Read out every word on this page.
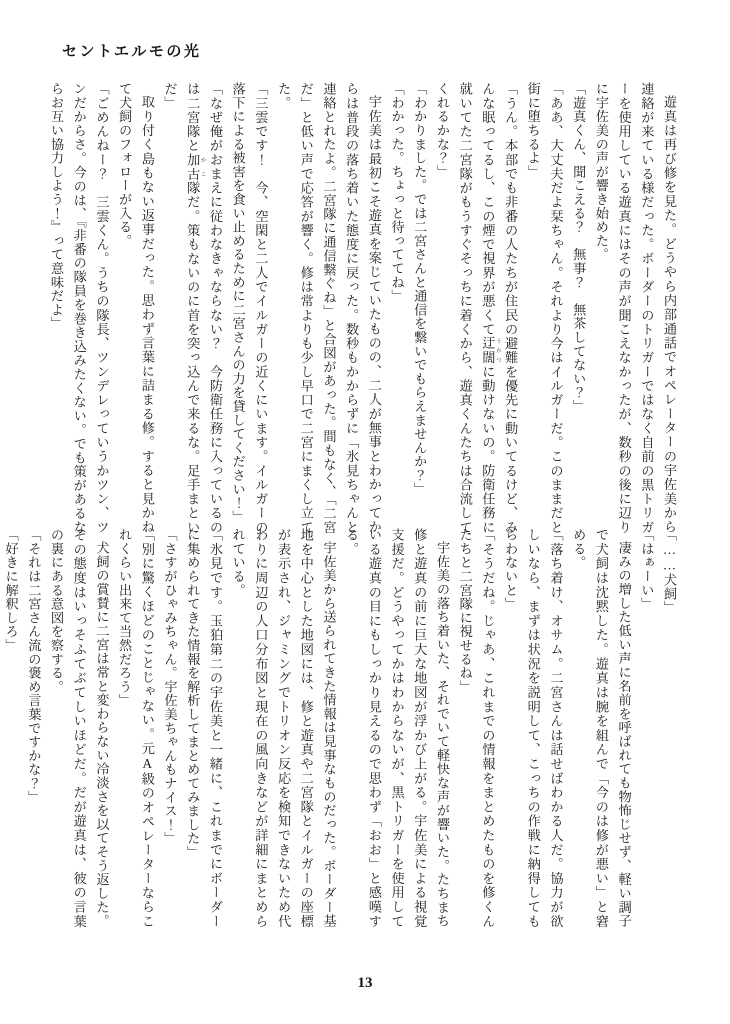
セントエルモの光

遊真は再び修を見た。どうやら内部通話でオペレーターの宇佐美から連絡が来ている様だった。ボーダーのトリガーではなく自前の黒トリガーを使用している遊真にはその声が聞こえなかったが、数秒の後に辺りに宇佐美の声が響き始めた。

「遊真くん、聞こえる？　無事？　無茶してない？」

「ああ、大丈夫だよ栞ちゃん。それより今はイルガーだ。このままだと街に堕ちるよ」

「うん。本部でも非番の人たちが住民の避難を優先に動いてるけど、みんな眠ってるし、この煙で視界が悪くて迂闊 うかつに動けないの。防衛任務に就いてた二宮隊がもうすぐそっちに着くから、遊真くんたちは合流してくれるかな？」

「わかりました。では二宮さんと通信を繋いでもらえませんか？」

「わかった。ちょっと待っててね」

宇佐美は最初こそ遊真を案じていたものの、二人が無事とわかってからは普段の落ち着いた態度に戻った。数秒もかからずに「氷見ちゃんと連絡とれたよ。二宮隊に通信繋ぐね」と合図があった。間もなく、「二宮だ」と低い声で応答が響く。修は常よりも少し早口で二宮にまくし立てた。

「三雲です！　今、空閑と二人でイルガーの近くにいます。イルガーの落下による被害を食い止めるために二宮さんの力を貸してください！」

「なぜ俺がおまえに従わなきゃならない？　今防衛任務に入っているのは二宮隊と加古 かこ隊だ。策もないのに首を突っ込んで来るな。足手まといだ」

取り付く島もない返事だった。思わず言葉に詰まる修。すると見かねて犬飼のフォローが入る。

「ごめんねー？　三雲くん。うちの隊長、ツンデレっていうかツン、ツンだからさ。今のは、『非番の隊員を巻き込みたくない。でも策があるならお互い協力しよう！』って意味だよ」

「……犬飼」

「はぁーい」

凄みの増した低い声に名前を呼ばれても物怖じせず、軽い調子で犬飼は沈黙した。遊真は腕を組んで「今のは修が悪い」と窘める。

「落ち着け、オサム。二宮さんは話せばわかる人だ。協力が欲しいなら、まずは状況を説明して、こっちの作戦に納得してもらわないと」

「そうだね。じゃあ、これまでの情報をまとめたものを修くんたちと二宮隊に視せるね」

宇佐美の落ち着いた、それでいて軽快な声が響いた。たちまち修と遊真の前に巨大な地図が浮かび上がる。宇佐美による視覚支援だ。どうやってかはわからないが、黒トリガーを使用している遊真の目にもしっかり見えるので思わず「おお」と感嘆する。

宇佐美から送られてきた情報は見事なものだった。ボーダー基地を中心とした地図には、修と遊真や二宮隊とイルガーの座標が表示され、ジャミングでトリオン反応を検知できないため代わりに周辺の人口分布図と現在の風向きなどが詳細にまとめられている。

「氷見です。玉狛第二の宇佐美と一緒に、これまでにボーダーに集められてきた情報を解析してまとめてみました」

「さすがひゃみちゃん。宇佐美ちゃんもナイス！」

「別に驚くほどのことじゃない。元A級のオペレーターならこれくらい出来て当然だろう」

犬飼の賞賛に二宮は常と変わらない冷淡さを以てそう返した。その態度はいっそふてぶてしいほどだ。だが遊真は、彼の言葉の裏にある意図を察する。

「それは二宮さん流の褒め言葉ですかな？」

「好きに解釈しろ」

13
